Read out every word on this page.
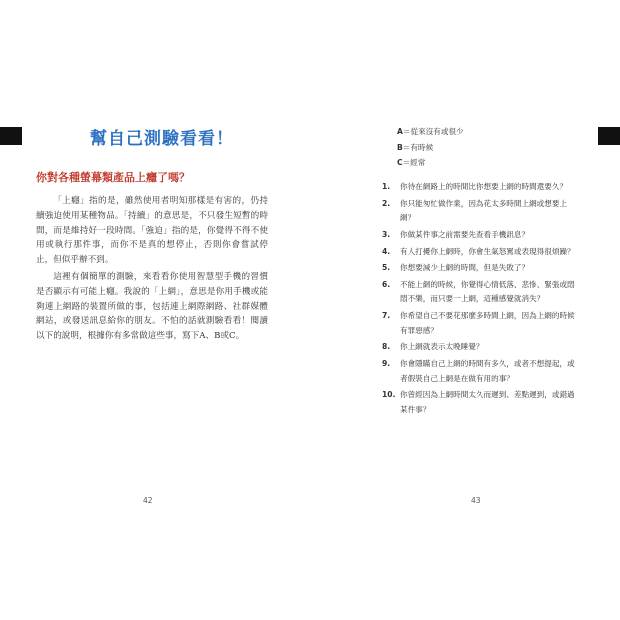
幫自己測驗看看！
你對各種螢幕類產品上癮了嗎？

「上癮」指的是，雖然使用者明知那樣是有害的，仍持續強迫使用某種物品。「持續」的意思是，不只發生短暫的時間，而是維持好一段時間。「強迫」指的是，你覺得不得不使用或執行那件事，而你不是真的想停止，否則你會嘗試停止，但似乎辦不到。

這裡有個簡單的測驗，來看看你使用智慧型手機的習慣是否顯示有可能上癮。我說的「上網」，意思是你用手機或能夠連上網路的裝置所做的事，包括連上網際網路、社群媒體網站，或發送訊息給你的朋友。不怕的話就測驗看看！閱讀以下的說明，根據你有多常做這些事，寫下A、B或C。

42
A＝從來沒有或很少
B＝有時候
C＝經常
1.	你待在網路上的時間比你想要上網的時間還要久？
2.	你只能匆忙做作業，因為花太多時間上網或想要上網？
3.	你做某件事之前需要先查看手機訊息？
4.	有人打擾你上網時，你會生氣怒罵或表現得很煩躁？
5.	你想要減少上網的時間，但是失敗了？
6.	不能上網的時候，你覺得心情低落、悲慘、緊張或悶悶不樂，而只要一上網，這種感覺就消失？
7.	你希望自己不要花那麼多時間上網，因為上網的時候有罪惡感？
8.	你上網就表示太晚睡覺？
9.	你會隱瞞自己上網的時間有多久，或者不想提起，或者假裝自己上網是在做有用的事？
10. 你曾經因為上網時間太久而遲到、差點遲到，或錯過某件事？
43
